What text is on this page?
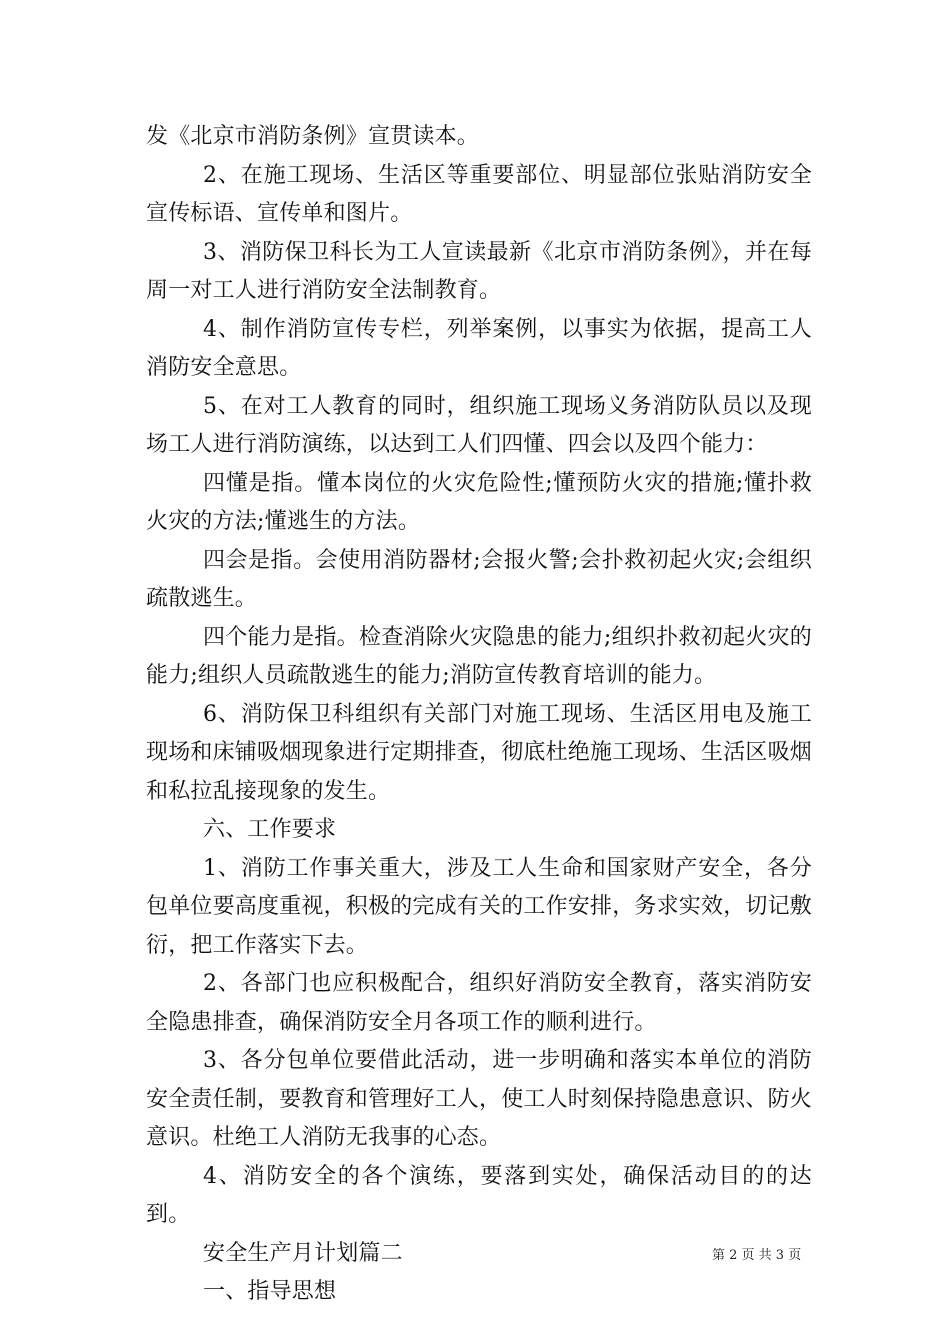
发《北京市消防条例》宣贯读本。

2、在施工现场、生活区等重要部位、明显部位张贴消防安全宣传标语、宣传单和图片。

3、消防保卫科长为工人宣读最新《北京市消防条例》，并在每周一对工人进行消防安全法制教育。

4、制作消防宣传专栏，列举案例，以事实为依据，提高工人消防安全意思。

5、在对工人教育的同时，组织施工现场义务消防队员以及现场工人进行消防演练，以达到工人们四懂、四会以及四个能力：

四懂是指。懂本岗位的火灾危险性;懂预防火灾的措施;懂扑救火灾的方法;懂逃生的方法。

四会是指。会使用消防器材;会报火警;会扑救初起火灾;会组织疏散逃生。

四个能力是指。检查消除火灾隐患的能力;组织扑救初起火灾的能力;组织人员疏散逃生的能力;消防宣传教育培训的能力。

6、消防保卫科组织有关部门对施工现场、生活区用电及施工现场和床铺吸烟现象进行定期排查，彻底杜绝施工现场、生活区吸烟和私拉乱接现象的发生。

六、工作要求

1、消防工作事关重大，涉及工人生命和国家财产安全，各分包单位要高度重视，积极的完成有关的工作安排，务求实效，切记敷衍，把工作落实下去。

2、各部门也应积极配合，组织好消防安全教育，落实消防安全隐患排查，确保消防安全月各项工作的顺利进行。

3、各分包单位要借此活动，进一步明确和落实本单位的消防安全责任制，要教育和管理好工人，使工人时刻保持隐患意识、防火意识。杜绝工人消防无我事的心态。

4、消防安全的各个演练，要落到实处，确保活动目的的达到。

安全生产月计划篇二

一、指导思想

第 2 页 共 3 页
